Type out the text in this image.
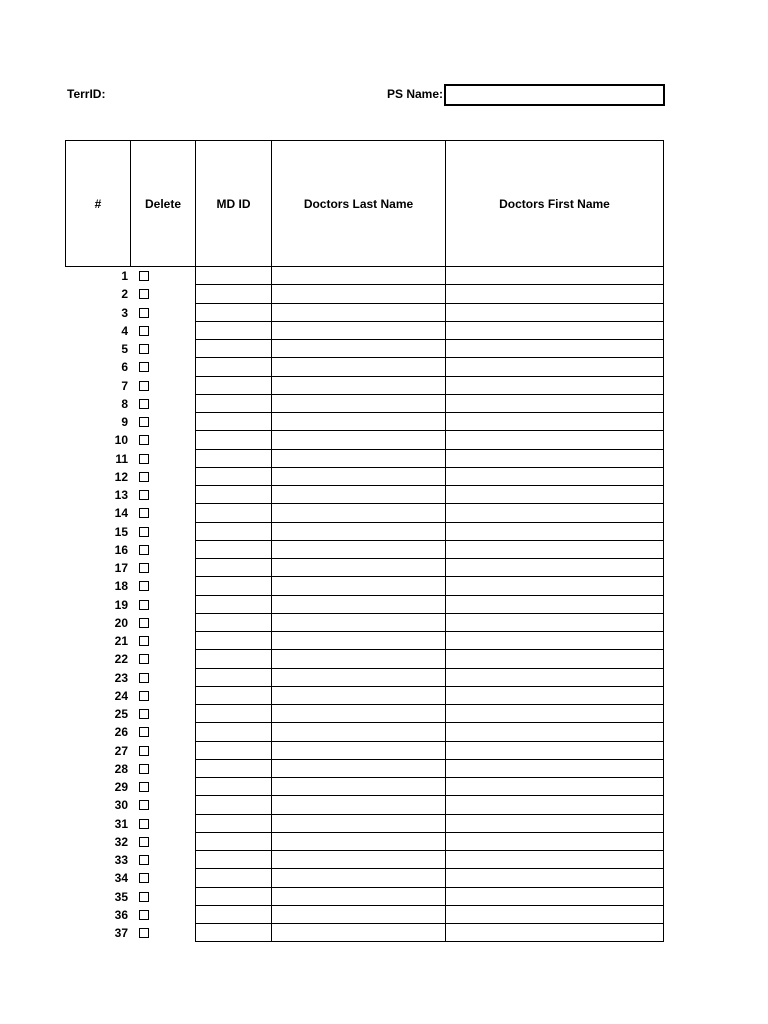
TerrID:	PS Name:
#	Delete	MD ID	Doctors Last Name	Doctors First Name
1
2
3
4
5
6
7
8
9
10
11
12
13
14
15
16
17
18
19
20
21
22
23
24
25
26
27
28
29
30
31
32
33
34
35
36
37
